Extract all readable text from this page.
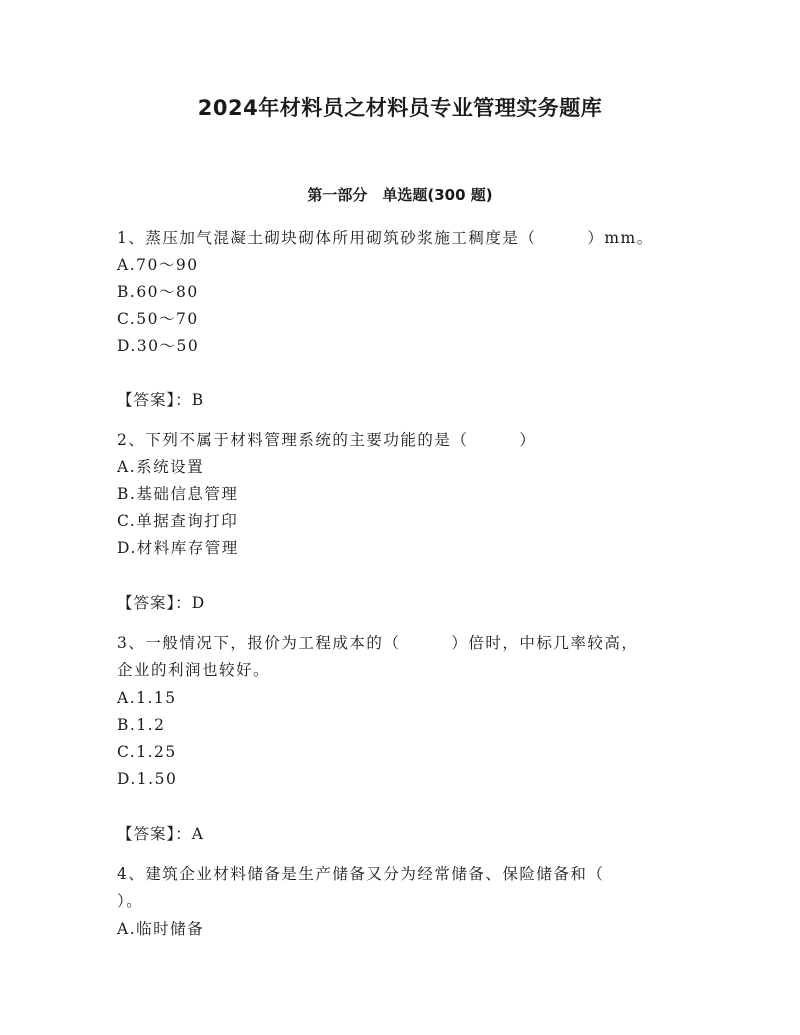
2024年材料员之材料员专业管理实务题库
第一部分　单选题(300 题)
1、蒸压加气混凝土砌块砌体所用砌筑砂浆施工稠度是（　　　）mm。
A.70～90
B.60～80
C.50～70
D.30～50
【答案】：B
2、下列不属于材料管理系统的主要功能的是（　　　）
A.系统设置
B.基础信息管理
C.单据查询打印
D.材料库存管理
【答案】：D
3、一般情况下，报价为工程成本的（　　　）倍时，中标几率较高，
企业的利润也较好。
A.1.15
B.1.2
C.1.25
D.1.50
【答案】：A
4、建筑企业材料储备是生产储备又分为经常储备、保险储备和（
）。
A.临时储备
